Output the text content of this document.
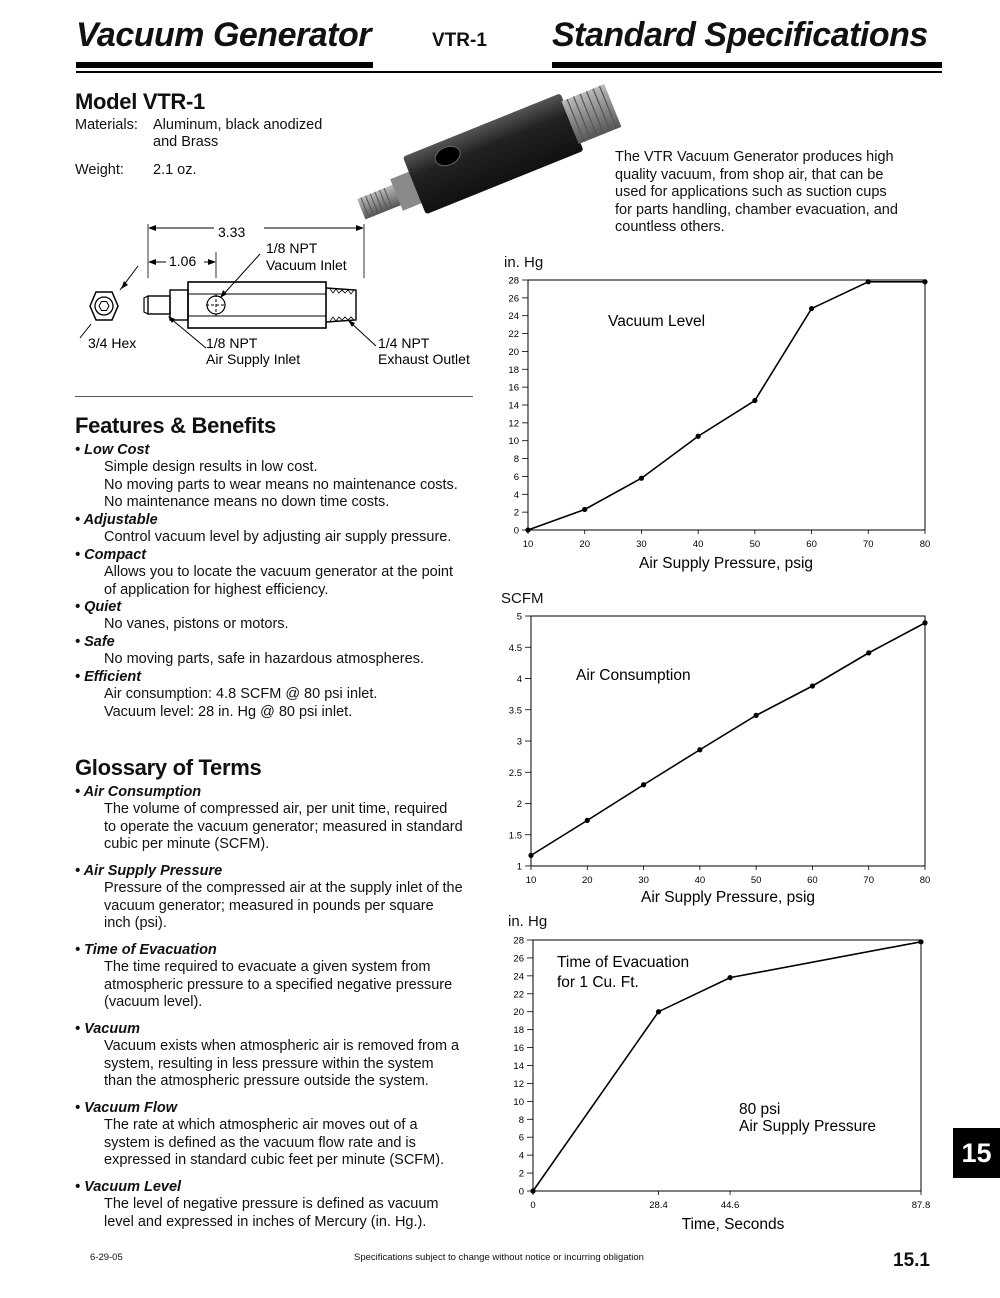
Vacuum Generator	VTR-1 Standard Specifications
Model VTR-1
Materials: Aluminum, black anodized
and Brass
Weight: 2.1 oz.
The VTR Vacuum Generator produces high
quality vacuum, from shop air, that can be
used for applications such as suction cups
for parts handling, chamber evacuation, and
countless others.
3.33
1.06
1/8 NPT
Vacuum Inlet
3/4 Hex	1/8 NPT
Air Supply Inlet
1/4 NPT
Exhaust Outlet
Features & Benefits
• Low Cost
Simple design results in low cost.
No moving parts to wear means no maintenance costs.
No maintenance means no down time costs.
• Adjustable
Control vacuum level by adjusting air supply pressure.
• Compact
Allows you to locate the vacuum generator at the point
of application for highest efficiency.
• Quiet
No vanes, pistons or motors.
• Safe
No moving parts, safe in hazardous atmospheres.
• Efficient
Air consumption: 4.8 SCFM @ 80 psi inlet.
Vacuum level: 28 in. Hg @ 80 psi inlet.
Glossary of Terms
• Air Consumption
The volume of compressed air, per unit time, required
to operate the vacuum generator; measured in standard
cubic per minute (SCFM).
• Air Supply Pressure
Pressure of the compressed air at the supply inlet of the
vacuum generator; measured in pounds per square
inch (psi).
• Time of Evacuation
The time required to evacuate a given system from
atmospheric pressure to a specified negative pressure
(vacuum level).
• Vacuum
Vacuum exists when atmospheric air is removed from a
system, resulting in less pressure within the system
than the atmospheric pressure outside the system.
• Vacuum Flow
The rate at which atmospheric air moves out of a
system is defined as the vacuum flow rate and is
expressed in standard cubic feet per minute (SCFM).
• Vacuum Level
The level of negative pressure is defined as vacuum
level and expressed in inches of Mercury (in. Hg.).
in. Hg
0
2
4
6
8
10
12
14
16
18
20
22
24
26
28
10	20	30	40	50	60	70	80
Air Supply Pressure, psig
Vacuum Level
SCFM
1
1.5
2
2.5
3
3.5
4
4.5
5
10	20	30	40	50	60	70	80
Air Supply Pressure, psig
Air Consumption
in. Hg
0
2
4
6
8
10
12
14
16
18
20
22
24
26
28
0	28.4	44.6	87.8
Time, Seconds
Time of Evacuation
for 1 Cu. Ft.
80 psi
Air Supply Pressure
6-29-05	Specifications subject to change without notice or incurring obligation	15.1
15
